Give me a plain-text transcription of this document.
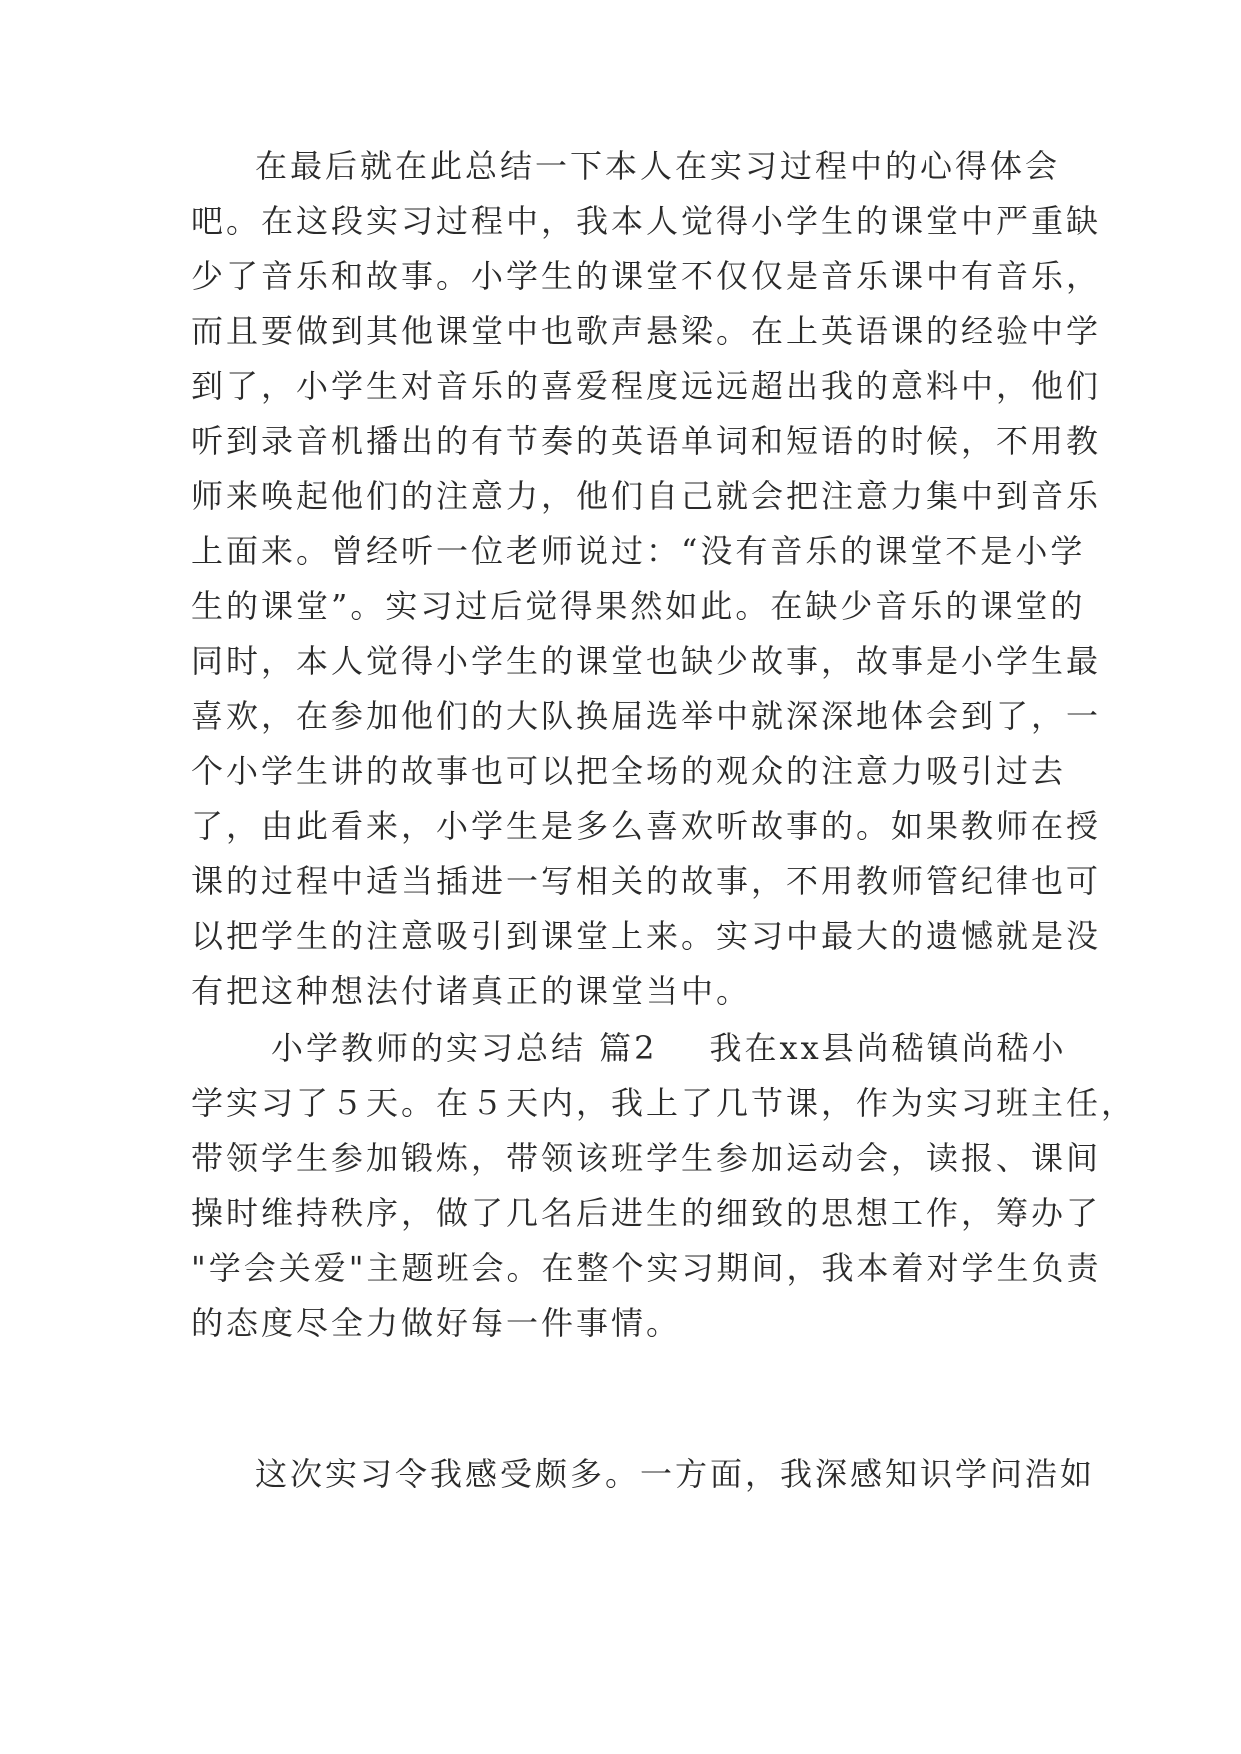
在最后就在此总结一下本人在实习过程中的心得体会
吧。在这段实习过程中，我本人觉得小学生的课堂中严重缺
少了音乐和故事。小学生的课堂不仅仅是音乐课中有音乐，
而且要做到其他课堂中也歌声悬梁。在上英语课的经验中学
到了，小学生对音乐的喜爱程度远远超出我的意料中，他们
听到录音机播出的有节奏的英语单词和短语的时候，不用教
师来唤起他们的注意力，他们自己就会把注意力集中到音乐
上面来。曾经听一位老师说过：“没有音乐的课堂不是小学
生的课堂”。实习过后觉得果然如此。在缺少音乐的课堂的
同时，本人觉得小学生的课堂也缺少故事，故事是小学生最
喜欢，在参加他们的大队换届选举中就深深地体会到了，一
个小学生讲的故事也可以把全场的观众的注意力吸引过去
了，由此看来，小学生是多么喜欢听故事的。如果教师在授
课的过程中适当插进一写相关的故事，不用教师管纪律也可
以把学生的注意吸引到课堂上来。实习中最大的遗憾就是没
有把这种想法付诸真正的课堂当中。
小学教师的实习总结 篇2 我在xx县尚嵇镇尚嵇小
学实习了５天。在５天内，我上了几节课，作为实习班主任，
带领学生参加锻炼，带领该班学生参加运动会，读报、课间
操时维持秩序，做了几名后进生的细致的思想工作，筹办了
"学会关爱"主题班会。在整个实习期间，我本着对学生负责
的态度尽全力做好每一件事情。
这次实习令我感受颇多。一方面，我深感知识学问浩如
